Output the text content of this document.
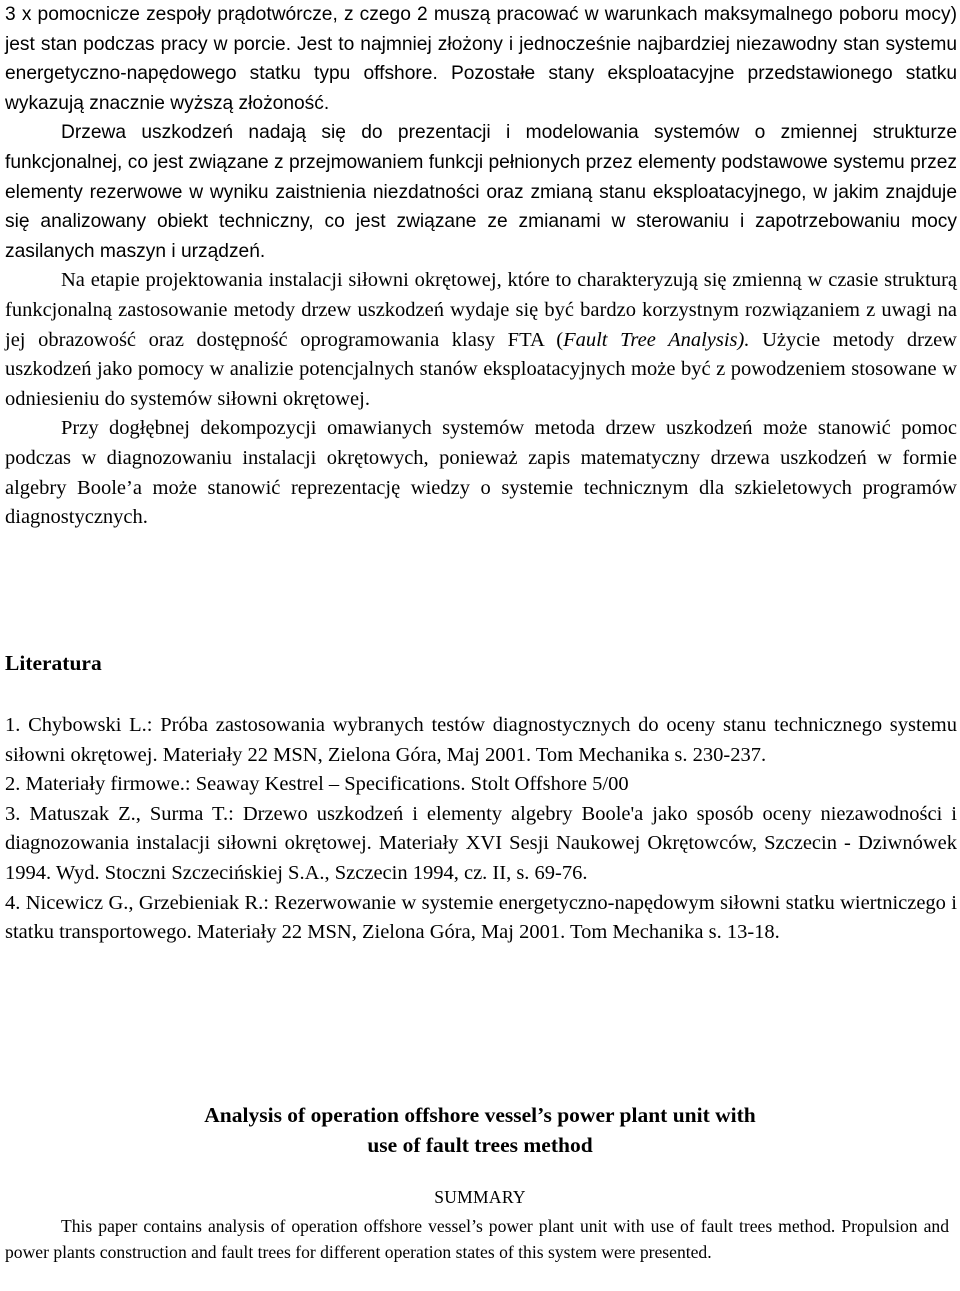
3 x pomocnicze zespoły prądotwórcze, z czego 2 muszą pracować w warunkach maksymalnego poboru mocy) jest stan podczas pracy w porcie. Jest to najmniej złożony i jednocześnie najbardziej niezawodny stan systemu energetyczno-napędowego statku typu offshore. Pozostałe stany eksploatacyjne przedstawionego statku wykazują znacznie wyższą złożoność.

Drzewa uszkodzeń nadają się do prezentacji i modelowania systemów o zmiennej strukturze funkcjonalnej, co jest związane z przejmowaniem funkcji pełnionych przez elementy podstawowe systemu przez elementy rezerwowe w wyniku zaistnienia niezdatności oraz zmianą stanu eksploatacyjnego, w jakim znajduje się analizowany obiekt techniczny, co jest związane ze zmianami w sterowaniu i zapotrzebowaniu mocy zasilanych maszyn i urządzeń.

Na etapie projektowania instalacji siłowni okrętowej, które to charakteryzują się zmienną w czasie strukturą funkcjonalną zastosowanie metody drzew uszkodzeń wydaje się być bardzo korzystnym rozwiązaniem z uwagi na jej obrazowość oraz dostępność oprogramowania klasy FTA (Fault Tree Analysis). Użycie metody drzew uszkodzeń jako pomocy w analizie potencjalnych stanów eksploatacyjnych może być z powodzeniem stosowane w odniesieniu do systemów siłowni okrętowej.

Przy dogłębnej dekompozycji omawianych systemów metoda drzew uszkodzeń może stanowić pomoc podczas w diagnozowaniu instalacji okrętowych, ponieważ zapis matematyczny drzewa uszkodzeń w formie algebry Boole’a może stanowić reprezentację wiedzy o systemie technicznym dla szkieletowych programów diagnostycznych.

Literatura

1. Chybowski L.: Próba zastosowania wybranych testów diagnostycznych do oceny stanu technicznego systemu siłowni okrętowej. Materiały 22 MSN, Zielona Góra, Maj 2001. Tom Mechanika s. 230-237.

2. Materiały firmowe.: Seaway Kestrel – Specifications. Stolt Offshore 5/00

3. Matuszak Z., Surma T.: Drzewo uszkodzeń i elementy algebry Boole'a jako sposób oceny niezawodności i diagnozowania instalacji siłowni okrętowej. Materiały XVI Sesji Naukowej Okrętowców, Szczecin - Dziwnówek 1994. Wyd. Stoczni Szczecińskiej S.A., Szczecin 1994, cz. II, s. 69-76.

4. Nicewicz G., Grzebieniak R.: Rezerwowanie w systemie energetyczno-napędowym siłowni statku wiertniczego i statku transportowego. Materiały 22 MSN, Zielona Góra, Maj 2001. Tom Mechanika s. 13-18.

Analysis of operation offshore vessel’s power plant unit with
use of fault trees method
SUMMARY

This paper contains analysis of operation offshore vessel’s power plant unit with use of fault trees method. Propulsion and power plants construction and fault trees for different operation states of this system were presented.
